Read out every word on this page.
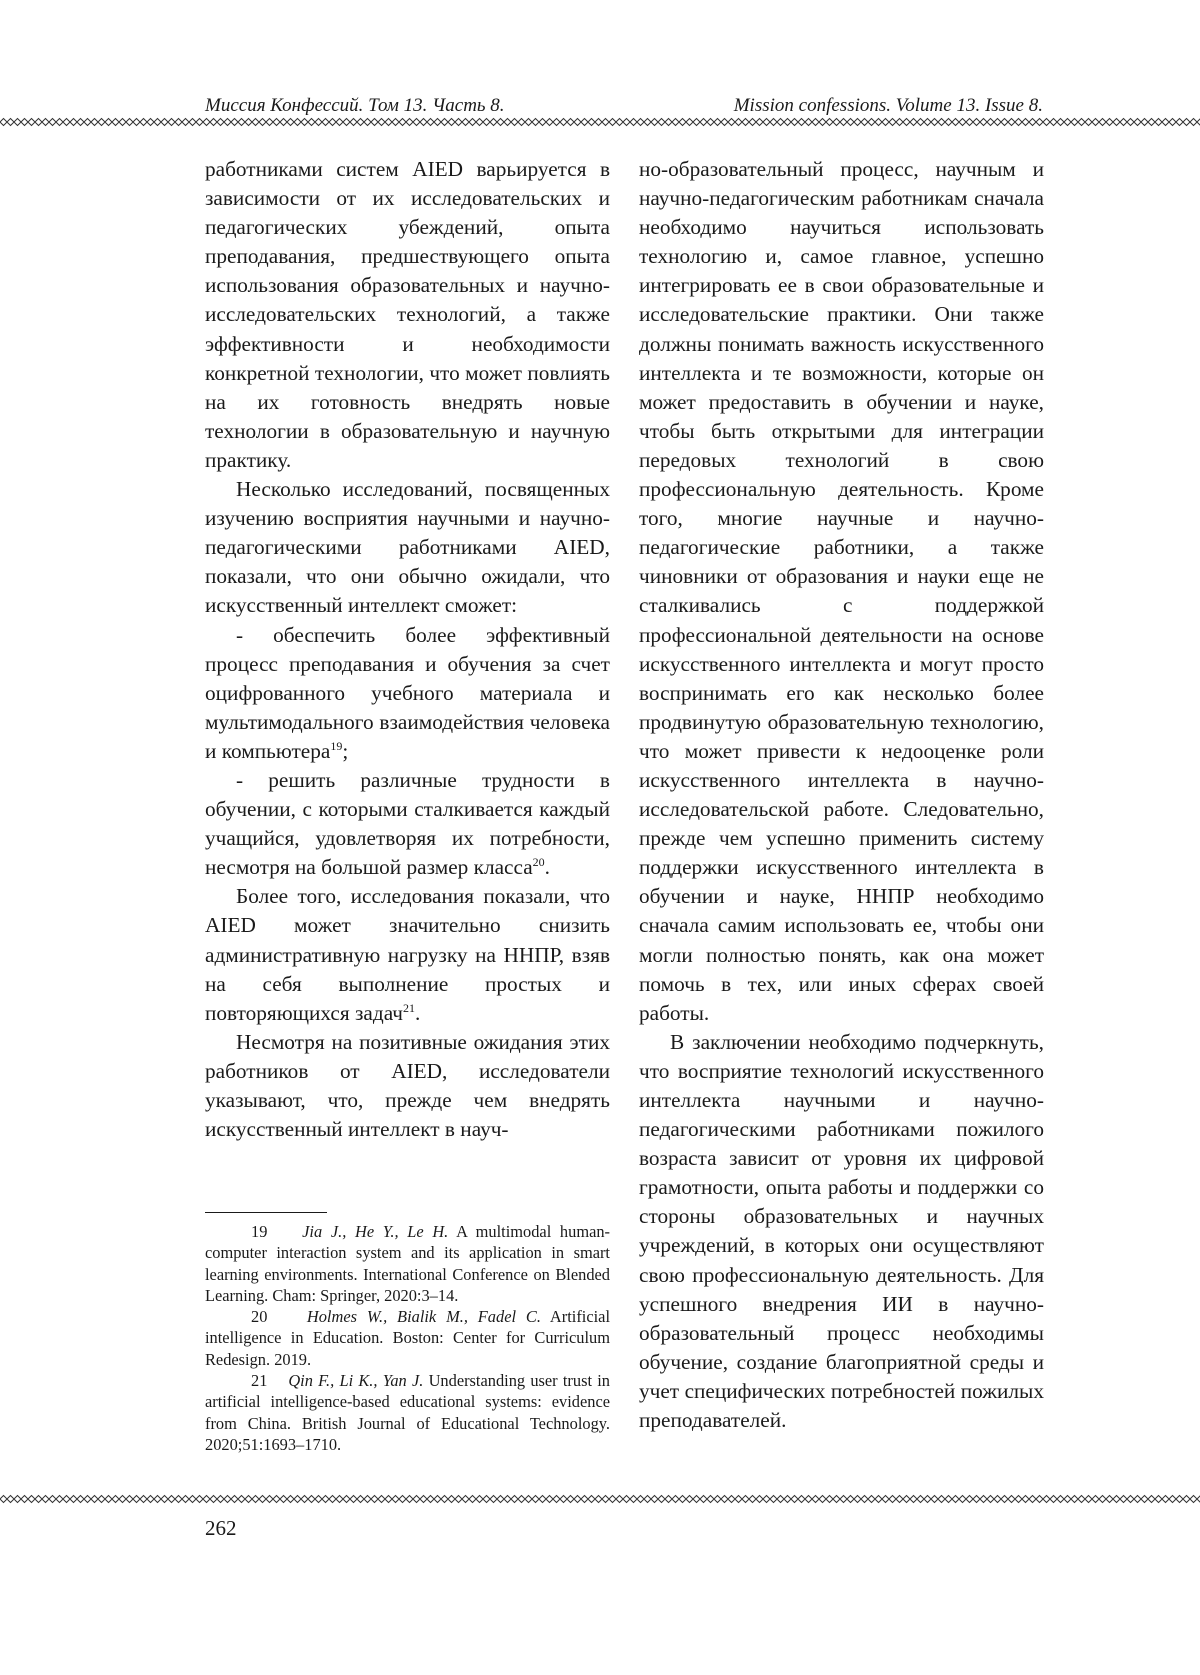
Миссия Конфессий. Том 13. Часть 8.	Mission confessions. Volume 13. Issue 8.

работниками систем AIED варьируется в зависимости от их исследовательских и педагогических убеждений, опыта преподавания, предшествующего опыта использования образовательных и научно-исследовательских технологий, а также эффективности и необходимости конкретной технологии, что может повлиять на их готовность внедрять новые технологии в образовательную и научную практику.

Несколько исследований, посвященных изучению восприятия научными и научно-педагогическими работниками AIED, показали, что они обычно ожидали, что искусственный интеллект сможет:

- обеспечить более эффективный процесс преподавания и обучения за счет оцифрованного учебного материала и мультимодального взаимодействия человека и компьютера$^{19}$;

- решить различные трудности в обучении, с которыми сталкивается каждый учащийся, удовлетворяя их потребности, несмотря на большой размер класса$^{20}$.

Более того, исследования показали, что AIED может значительно снизить административную нагрузку на ННПР, взяв на себя выполнение простых и повторяющихся задач$^{21}$.

Несмотря на позитивные ожидания этих работников от AIED, исследователи указывают, что, прежде чем внедрять искусственный интеллект в науч-

но-образовательный процесс, научным и научно-педагогическим работникам сначала необходимо научиться использовать технологию и, самое главное, успешно интегрировать ее в свои образовательные и исследовательские практики. Они также должны понимать важность искусственного интеллекта и те возможности, которые он может предоставить в обучении и науке, чтобы быть открытыми для интеграции передовых технологий в свою профессиональную деятельность. Кроме того, многие научные и научно-педагогические работники, а также чиновники от образования и науки еще не сталкивались с поддержкой профессиональной деятельности на основе искусственного интеллекта и могут просто воспринимать его как несколько более продвинутую образовательную технологию, что может привести к недооценке роли искусственного интеллекта в научно-исследовательской работе. Следовательно, прежде чем успешно применить систему поддержки искусственного интеллекта в обучении и науке, ННПР необходимо сначала самим использовать ее, чтобы они могли полностью понять, как она может помочь в тех, или иных сферах своей работы.

В заключении необходимо подчеркнуть, что восприятие технологий искусственного интеллекта научными и научно-педагогическими работниками пожилого возраста зависит от уровня их цифровой грамотности, опыта работы и поддержки со стороны образовательных и научных учреждений, в которых они осуществляют свою профессиональную деятельность. Для успешного внедрения ИИ в научно-образовательный процесс необходимы обучение, создание благоприятной среды и учет специфических потребностей пожилых преподавателей.

19 Jia J., He Y., Le H. A multimodal human-computer interaction system and its application in smart learning environments. International Conference on Blended Learning. Cham: Springer, 2020:3–14.

20 Holmes W., Bialik M., Fadel C. Artificial intelligence in Education. Boston: Center for Curriculum Redesign. 2019.

21 Qin F., Li K., Yan J. Understanding user trust in artificial intelligence-based educational systems: evidence from China. British Journal of Educational Technology. 2020;51:1693–1710.

262
